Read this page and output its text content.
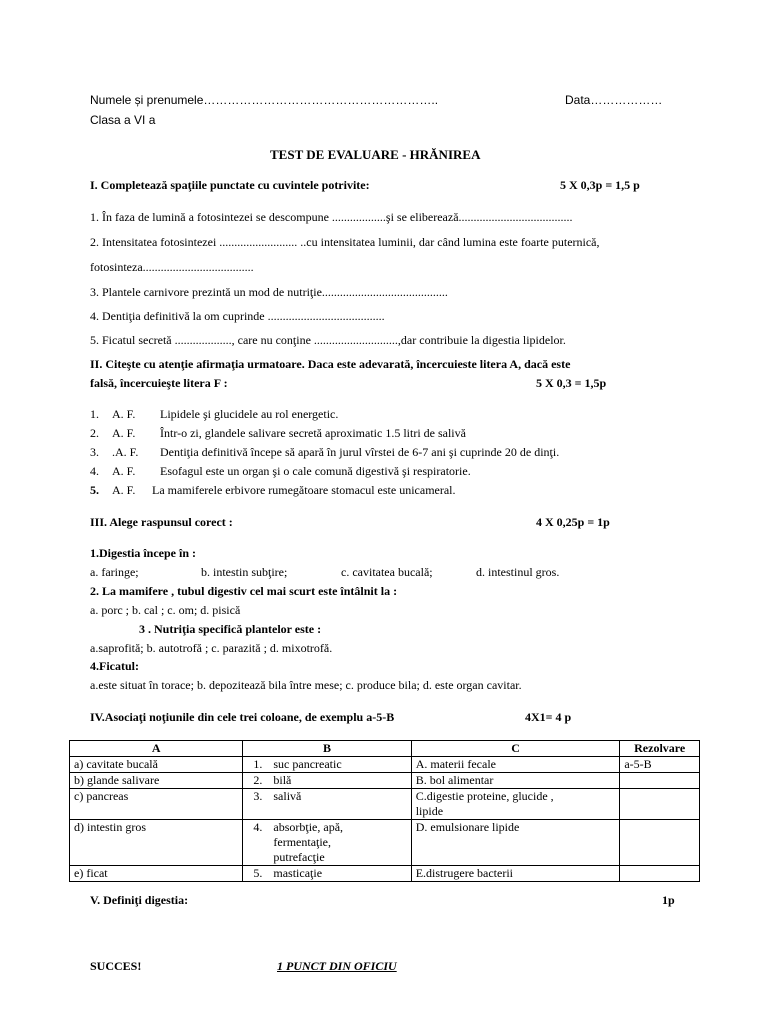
Numele și prenumele…………………………………………………..	Data………………
Clasa a VI a
TEST DE EVALUARE - HRĂNIREA
I. Completează spaţiile punctate cu cuvintele potrivite:	5 X 0,3p = 1,5 p
1. În faza de lumină a fotosintezei se descompune ..................şi se eliberează......................................
2. Intensitatea fotosintezei .......................... ..cu intensitatea luminii, dar când lumina este foarte puternică,
fotosinteza.....................................
3. Plantele carnivore prezintă un mod de nutriţie..........................................
4. Dentiţia definitivă la om cuprinde .......................................
5. Ficatul secretă ..................., care nu conţine ............................,dar contribuie la digestia lipidelor.
II. Citeşte cu atenţie afirmaţia urmatoare. Daca este adevarată, încercuieste litera A, dacă este
falsă, încercuieşte litera F :	5 X 0,3 = 1,5p
1. A. F. Lipidele şi glucidele au rol energetic.
2. A. F. Într-o zi, glandele salivare secretă aproximatic 1.5 litri de salivă
3. .A. F. Dentiţia definitivă începe să apară în jurul vîrstei de 6-7 ani şi cuprinde 20 de dinţi.
4. A. F. Esofagul este un organ şi o cale comună digestivă şi respiratorie.
5. A. F. La mamiferele erbivore rumegătoare stomacul este unicameral.
III. Alege raspunsul corect :	4 X 0,25p = 1p
1.Digestia începe în :
a. faringe;	b. intestin subţire;	c. cavitatea bucală;	d. intestinul gros.
2. La mamifere , tubul digestiv cel mai scurt este întâlnit la :
a. porc ; b. cal ; c. om; d. pisică
3 . Nutriţia specifică plantelor este :
a.saprofită; b. autotrofă ; c. parazită ; d. mixotrofă.
4.Ficatul:
a.este situat în torace; b. depozitează bila între mese; c. produce bila; d. este organ cavitar.
IV.Asociaţi noţiunile din cele trei coloane, de exemplu a-5-B	4X1= 4 p
A	B	C	Rezolvare
a) cavitate bucală	1. suc pancreatic	A. materii fecale	a-5-B
b) glande salivare	2. bilă	B. bol alimentar	
c) pancreas	3. salivă	C.digestie proteine, glucide ,
lipide	

d) intestin gros	4. absorbţie, apă,
fermentaţie,
putrefacţie	D. emulsionare lipide	
e) ficat	5. masticaţie	E.distrugere bacterii	
V. Definiţi digestia:	1p
SUCCES!	1 PUNCT DIN OFICIU
